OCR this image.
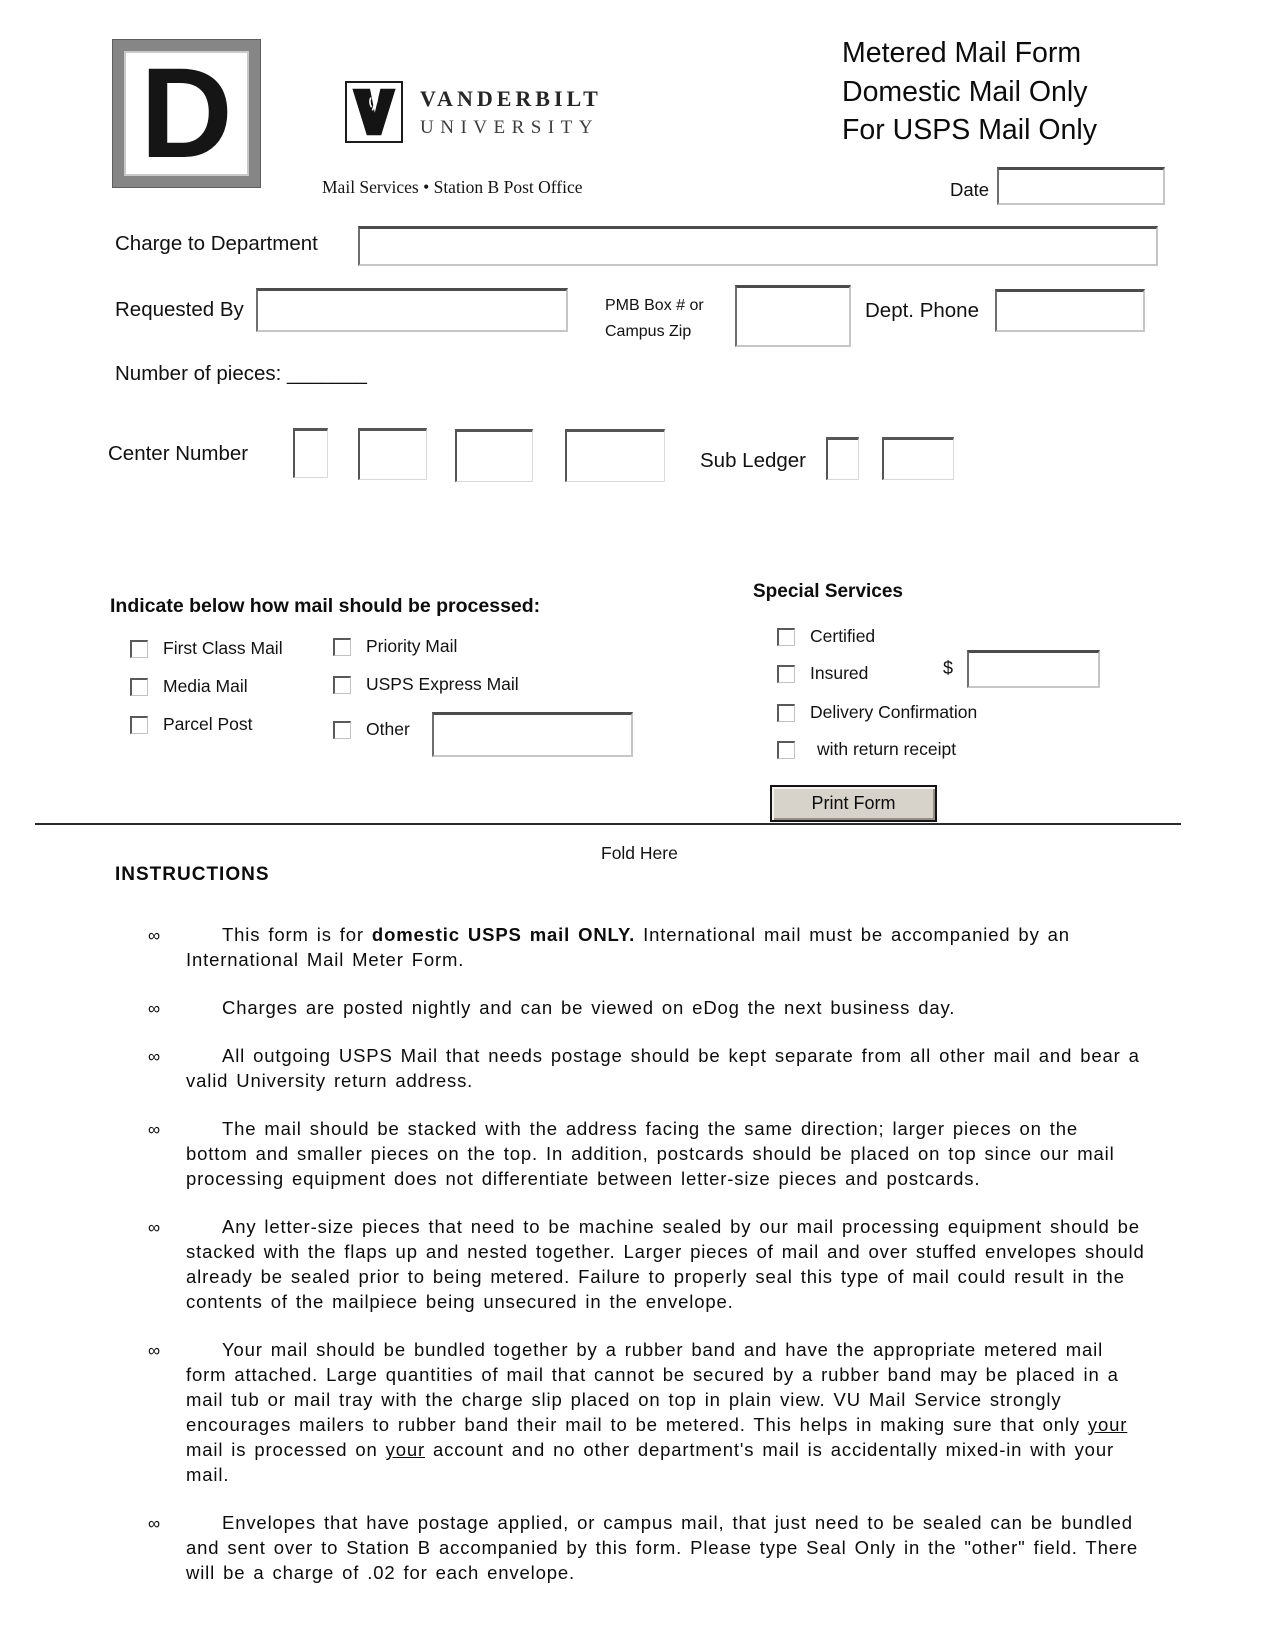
D	VANDERBILT
UNIVERSITY
Mail Services • Station B Post Office
Metered Mail Form
Domestic Mail Only
For USPS Mail Only
Date
Charge to Department
Requested By	PMB Box # or
Campus Zip
Dept. Phone
Number of pieces: _______
Center Number	Sub Ledger
Indicate below how mail should be processed:
First Class Mail
Media Mail
Parcel Post
Priority Mail
USPS Express Mail
Other
Special Services
Certified
Insured	$
Delivery Confirmation
with return receipt
Print Form
Fold Here
INSTRUCTIONS
∞	This form is for domestic USPS mail ONLY. International mail must be accompanied by an International Mail Meter Form.
∞	Charges are posted nightly and can be viewed on eDog the next business day.
∞	All outgoing USPS Mail that needs postage should be kept separate from all other mail and bear a valid University return address.
∞	The mail should be stacked with the address facing the same direction; larger pieces on the bottom and smaller pieces on the top. In addition, postcards should be placed on top since our mail processing equipment does not differentiate between letter-size pieces and postcards.
∞	Any letter-size pieces that need to be machine sealed by our mail processing equipment should be stacked with the flaps up and nested together. Larger pieces of mail and over stuffed envelopes should already be sealed prior to being metered. Failure to properly seal this type of mail could result in the contents of the mailpiece being unsecured in the envelope.
∞	Your mail should be bundled together by a rubber band and have the appropriate metered mail form attached. Large quantities of mail that cannot be secured by a rubber band may be placed in a mail tub or mail tray with the charge slip placed on top in plain view. VU Mail Service strongly encourages mailers to rubber band their mail to be metered. This helps in making sure that only your mail is processed on your account and no other department's mail is accidentally mixed-in with your mail.
∞	Envelopes that have postage applied, or campus mail, that just need to be sealed can be bundled and sent over to Station B accompanied by this form. Please type Seal Only in the "other" field. There will be a charge of .02 for each envelope.
